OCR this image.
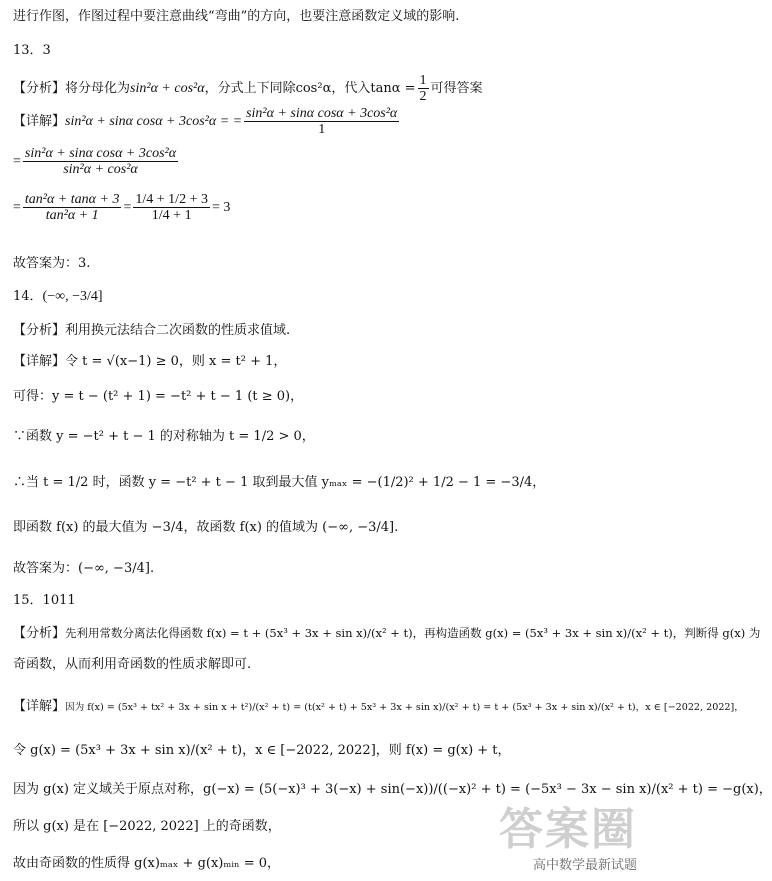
进行作图，作图过程中要注意曲线“弯曲”的方向，也要注意函数定义域的影响.
13．3
【分析】将分母化为sin²α + cos²α，分式上下同除cos²α，代入$\tan\alpha = \frac{1}{2}$ 可得答案
【详解】sin²α + sinα cosα + 3cos²α = = $\frac{\text{sin²α + sinα cosα + 3cos²α}}{1}$
= $\frac{\text{sin²α + sinα cosα + 3cos²α}}{\text{sin²α + cos²α}}$
= $\frac{\text{tan²α + tanα + 3}}{\text{tan²α + 1}} = \frac{1/4 + 1/2 + 3}{1/4 + 1} = 3$
故答案为：3.
14．(−∞, −3/4]
【分析】利用换元法结合二次函数的性质求值域.
【详解】令 t = √(x−1) ≥ 0，则 x = t² + 1，
可得：y = t − (t² + 1) = −t² + t − 1 (t ≥ 0)，
∵函数 y = −t² + t − 1 的对称轴为 t = 1/2 > 0，
∴当 t = 1/2 时，函数 y = −t² + t − 1 取到最大值 yₘₐₓ = −(1/2)² + 1/2 − 1 = −3/4，
即函数 f(x) 的最大值为 −3/4，故函数 f(x) 的值域为 (−∞, −3/4].
故答案为：(−∞, −3/4].
15．1011
【分析】先利用常数分离法化得函数 f(x) = t + (5x³ + 3x + sin x)/(x² + t)，再构造函数 g(x) = (5x³ + 3x + sin x)/(x² + t)，判断得 g(x) 为
奇函数，从而利用奇函数的性质求解即可.
【详解】因为 f(x) = (5x³ + tx² + 3x + sin x + t²)/(x² + t) = (t(x² + t) + 5x³ + 3x + sin x)/(x² + t) = t + (5x³ + 3x + sin x)/(x² + t)，x ∈ [−2022, 2022]，
令 g(x) = (5x³ + 3x + sin x)/(x² + t)，x ∈ [−2022, 2022]，则 f(x) = g(x) + t，
因为 g(x) 定义域关于原点对称，g(−x) = (5(−x)³ + 3(−x) + sin(−x))/((−x)² + t) = (−5x³ − 3x − sin x)/(x² + t) = −g(x)，
所以 g(x) 是在 [−2022, 2022] 上的奇函数，
故由奇函数的性质得 g(x)ₘₐₓ + g(x)ₘᵢₙ = 0，
答案圈
高中数学最新试题
